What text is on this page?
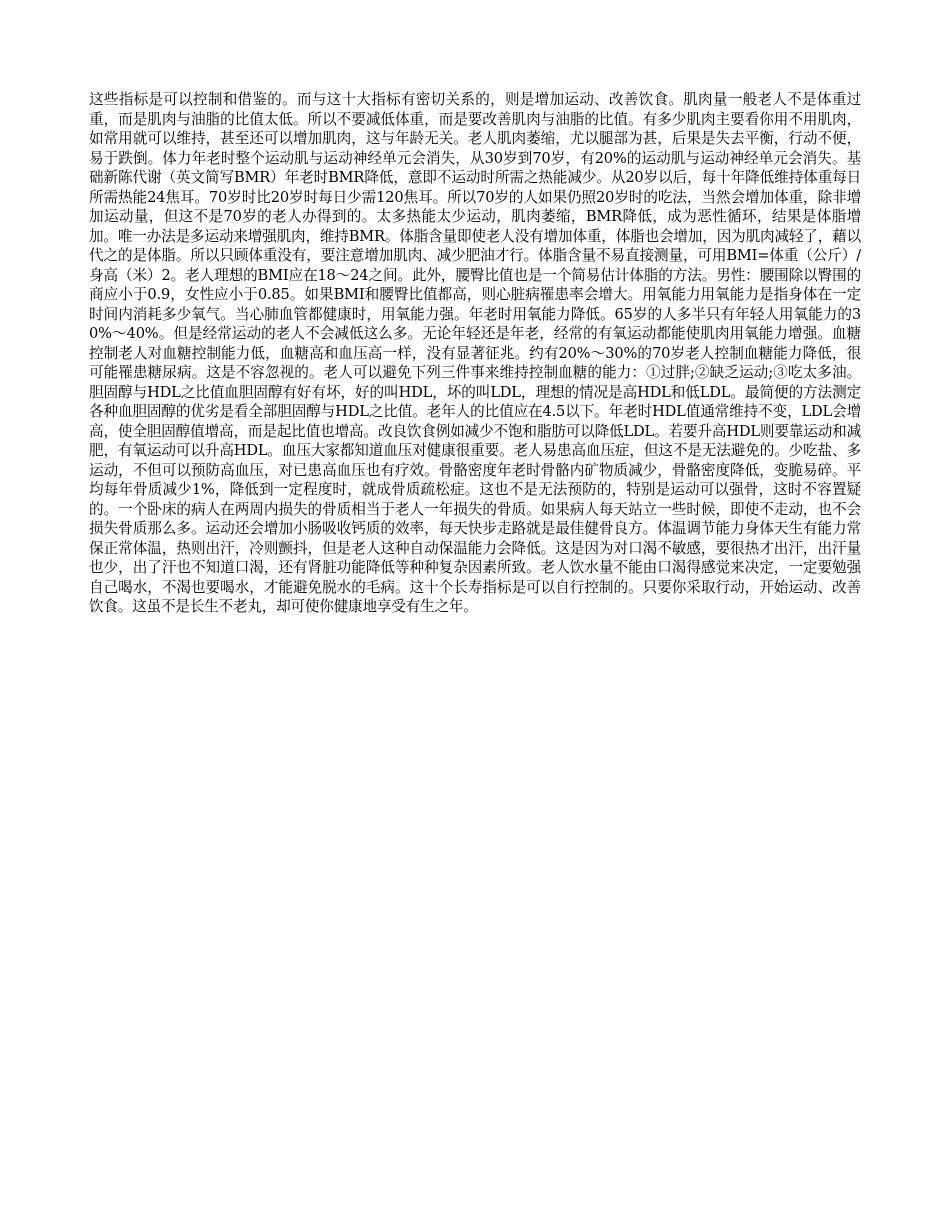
这些指标是可以控制和借鉴的。而与这十大指标有密切关系的，则是增加运动、改善饮食。肌肉量一般老人不是体重过重，而是肌肉与油脂的比值太低。所以不要减低体重，而是要改善肌肉与油脂的比值。有多少肌肉主要看你用不用肌肉，如常用就可以维持，甚至还可以增加肌肉，这与年龄无关。老人肌肉萎缩，尤以腿部为甚，后果是失去平衡，行动不便，易于跌倒。体力年老时整个运动肌与运动神经单元会消失，从30岁到70岁，有20%的运动肌与运动神经单元会消失。基础新陈代谢（英文简写BMR）年老时BMR降低，意即不运动时所需之热能减少。从20岁以后，每十年降低维持体重每日所需热能24焦耳。70岁时比20岁时每日少需120焦耳。所以70岁的人如果仍照20岁时的吃法，当然会增加体重，除非增加运动量，但这不是70岁的老人办得到的。太多热能太少运动，肌肉萎缩，BMR降低，成为恶性循环，结果是体脂增加。唯一办法是多运动来增强肌肉，维持BMR。体脂含量即使老人没有增加体重，体脂也会增加，因为肌肉减轻了，藉以代之的是体脂。所以只顾体重没有，要注意增加肌肉、减少肥油才行。体脂含量不易直接测量，可用BMI=体重（公斤）/身高（米）2。老人理想的BMI应在18～24之间。此外，腰臀比值也是一个简易估计体脂的方法。男性：腰围除以臀围的商应小于0.9，女性应小于0.85。如果BMI和腰臀比值都高，则心脏病罹患率会增大。用氧能力用氧能力是指身体在一定时间内消耗多少氧气。当心肺血管都健康时，用氧能力强。年老时用氧能力降低。65岁的人多半只有年轻人用氧能力的30%～40%。但是经常运动的老人不会减低这么多。无论年轻还是年老，经常的有氧运动都能使肌肉用氧能力增强。血糖控制老人对血糖控制能力低，血糖高和血压高一样，没有显著征兆。约有20%～30%的70岁老人控制血糖能力降低，很可能罹患糖尿病。这是不容忽视的。老人可以避免下列三件事来维持控制血糖的能力：①过胖;②缺乏运动;③吃太多油。胆固醇与HDL之比值血胆固醇有好有坏，好的叫HDL，坏的叫LDL，理想的情况是高HDL和低LDL。最简便的方法测定各种血胆固醇的优劣是看全部胆固醇与HDL之比值。老年人的比值应在4.5以下。年老时HDL值通常维持不变，LDL会增高，使全胆固醇值增高，而是起比值也增高。改良饮食例如减少不饱和脂肪可以降低LDL。若要升高HDL则要靠运动和减肥，有氧运动可以升高HDL。血压大家都知道血压对健康很重要。老人易患高血压症，但这不是无法避免的。少吃盐、多运动，不但可以预防高血压，对已患高血压也有疗效。骨骼密度年老时骨骼内矿物质减少，骨骼密度降低，变脆易碎。平均每年骨质减少1%，降低到一定程度时，就成骨质疏松症。这也不是无法预防的，特别是运动可以强骨，这时不容置疑的。一个卧床的病人在两周内损失的骨质相当于老人一年损失的骨质。如果病人每天站立一些时候，即使不走动，也不会损失骨质那么多。运动还会增加小肠吸收钙质的效率，每天快步走路就是最佳健骨良方。体温调节能力身体天生有能力常保正常体温，热则出汗，冷则颤抖，但是老人这种自动保温能力会降低。这是因为对口渴不敏感，要很热才出汗，出汗量也少，出了汗也不知道口渴，还有肾脏功能降低等种种复杂因素所致。老人饮水量不能由口渴得感觉来决定，一定要勉强自己喝水，不渴也要喝水，才能避免脱水的毛病。这十个长寿指标是可以自行控制的。只要你采取行动，开始运动、改善饮食。这虽不是长生不老丸，却可使你健康地享受有生之年。
